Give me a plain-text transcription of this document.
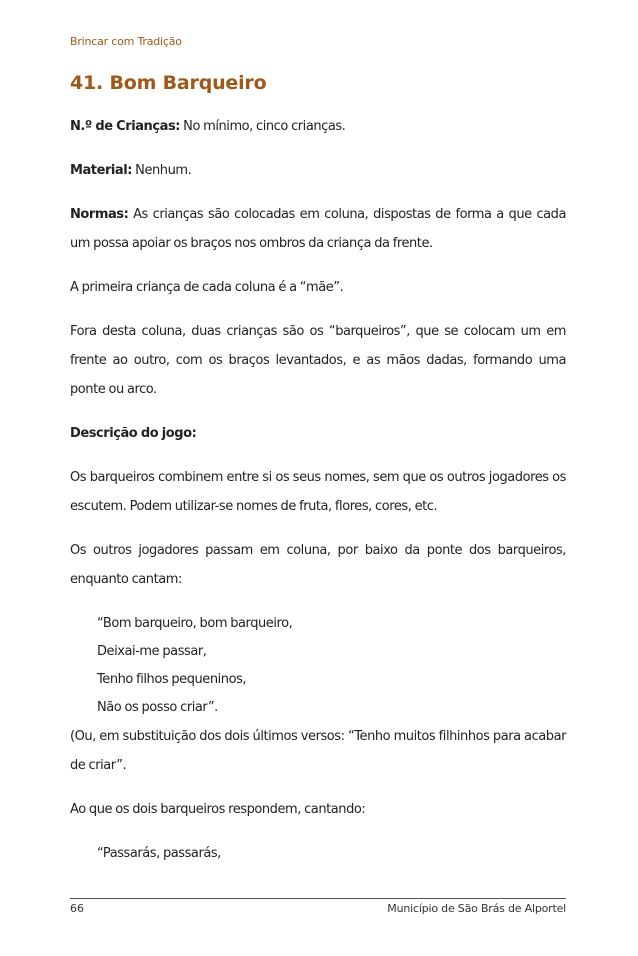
Brincar com Tradição
41. Bom Barqueiro

N.º de Crianças: No mínimo, cinco crianças.

Material: Nenhum.

Normas: As crianças são colocadas em coluna, dispostas de forma a que cada um possa apoiar os braços nos ombros da criança da frente.

A primeira criança de cada coluna é a “mãe”.

Fora desta coluna, duas crianças são os “barqueiros”, que se colocam um em frente ao outro, com os braços levantados, e as mãos dadas, formando uma ponte ou arco.

Descrição do jogo:

Os barqueiros combinem entre si os seus nomes, sem que os outros jogadores os escutem. Podem utilizar-se nomes de fruta, flores, cores, etc.

Os outros jogadores passam em coluna, por baixo da ponte dos barqueiros, enquanto cantam:

“Bom barqueiro, bom barqueiro,

Deixai-me passar,

Tenho filhos pequeninos,

Não os posso criar”.

(Ou, em substituição dos dois últimos versos: “Tenho muitos filhinhos para acabar de criar”.

Ao que os dois barqueiros respondem, cantando:

“Passarás, passarás,

66	Município de São Brás de Alportel
